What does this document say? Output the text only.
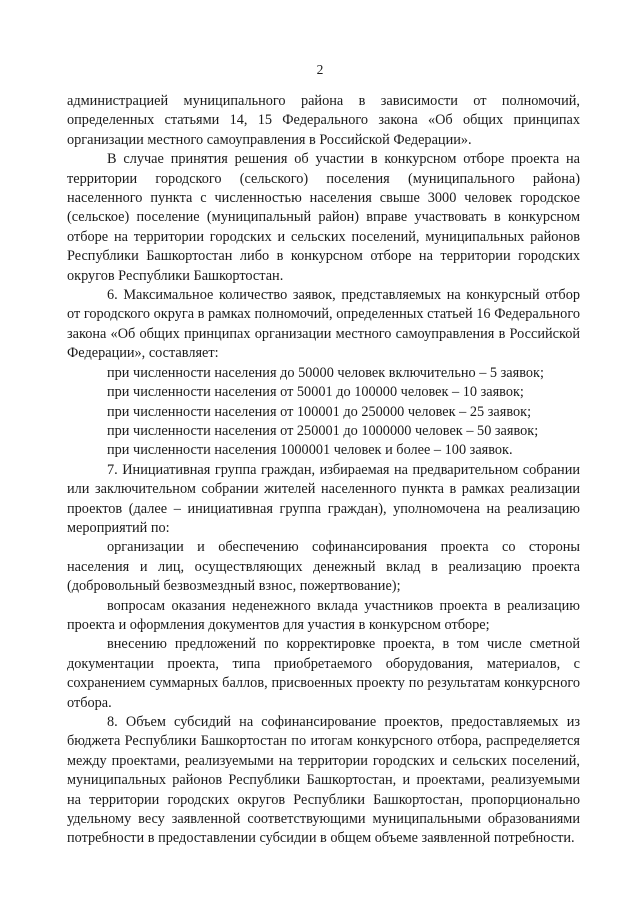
2

администрацией муниципального района в зависимости от полномочий, определенных статьями 14, 15 Федерального закона «Об общих принципах организации местного самоуправления в Российской Федерации».

В случае принятия решения об участии в конкурсном отборе проекта на территории городского (сельского) поселения (муниципального района) населенного пункта с численностью населения свыше 3000 человек городское (сельское) поселение (муниципальный район) вправе участвовать в конкурсном отборе на территории городских и сельских поселений, муниципальных районов Республики Башкортостан либо в конкурсном отборе на территории городских округов Республики Башкортостан.

6. Максимальное количество заявок, представляемых на конкурсный отбор от городского округа в рамках полномочий, определенных статьей 16 Федерального закона «Об общих принципах организации местного самоуправления в Российской Федерации», составляет:

при численности населения до 50000 человек включительно – 5 заявок;

при численности населения от 50001 до 100000 человек – 10 заявок;

при численности населения от 100001 до 250000 человек – 25 заявок;

при численности населения от 250001 до 1000000 человек – 50 заявок;

при численности населения 1000001 человек и более – 100 заявок.

7. Инициативная группа граждан, избираемая на предварительном собрании или заключительном собрании жителей населенного пункта в рамках реализации проектов (далее – инициативная группа граждан), уполномочена на реализацию мероприятий по:

организации и обеспечению софинансирования проекта со стороны населения и лиц, осуществляющих денежный вклад в реализацию проекта (добровольный безвозмездный взнос, пожертвование);

вопросам оказания неденежного вклада участников проекта в реализацию проекта и оформления документов для участия в конкурсном отборе;

внесению предложений по корректировке проекта, в том числе сметной документации проекта, типа приобретаемого оборудования, материалов, с сохранением суммарных баллов, присвоенных проекту по результатам конкурсного отбора.

8. Объем субсидий на софинансирование проектов, предоставляемых из бюджета Республики Башкортостан по итогам конкурсного отбора, распределяется между проектами, реализуемыми на территории городских и сельских поселений, муниципальных районов Республики Башкортостан, и проектами, реализуемыми на территории городских округов Республики Башкортостан, пропорционально удельному весу заявленной соответствующими муниципальными образованиями потребности в предоставлении субсидии в общем объеме заявленной потребности.
